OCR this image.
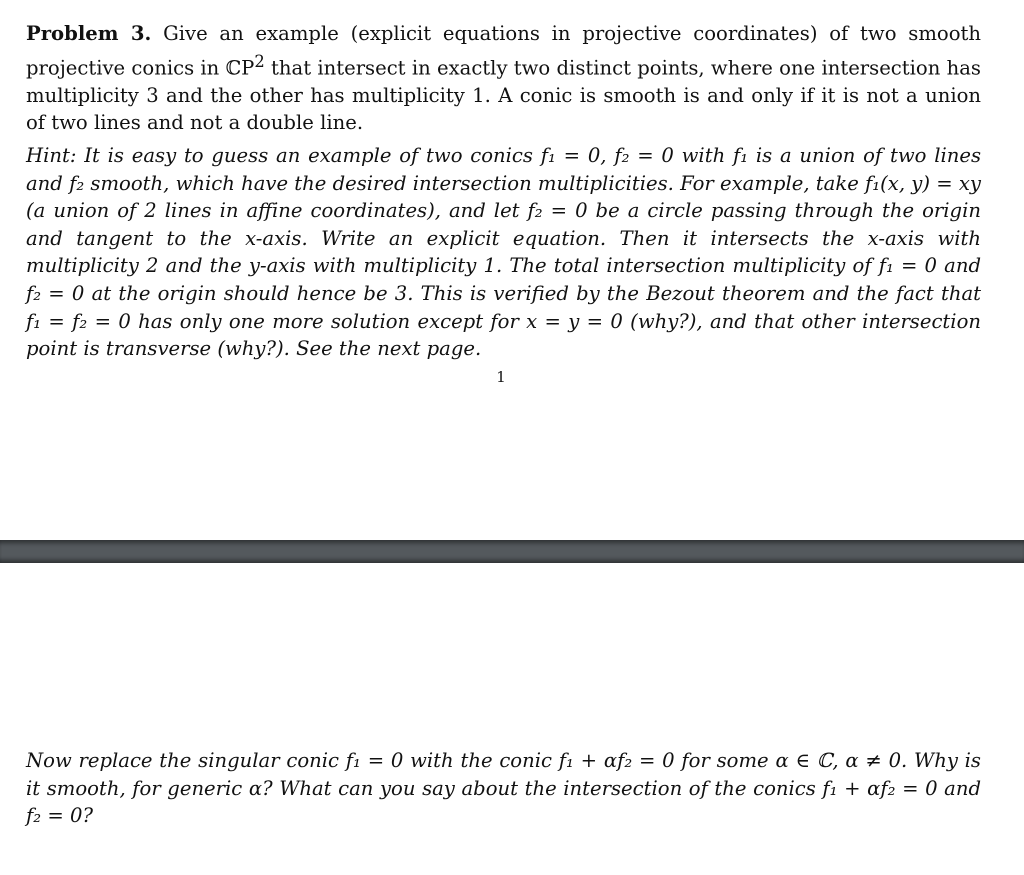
Problem 3. Give an example (explicit equations in projective coordinates) of two smooth projective conics in ℂP$^2$ that intersect in exactly two distinct points, where one intersection has multiplicity 3 and the other has multiplicity 1. A conic is smooth is and only if it is not a union of two lines and not a double line.

Hint: It is easy to guess an example of two conics f₁ = 0, f₂ = 0 with f₁ is a union of two lines and f₂ smooth, which have the desired intersection multiplicities. For example, take f₁(x, y) = xy (a union of 2 lines in affine coordinates), and let f₂ = 0 be a circle passing through the origin and tangent to the x-axis. Write an explicit equation. Then it intersects the x-axis with multiplicity 2 and the y-axis with multiplicity 1. The total intersection multiplicity of f₁ = 0 and f₂ = 0 at the origin should hence be 3. This is verified by the Bezout theorem and the fact that f₁ = f₂ = 0 has only one more solution except for x = y = 0 (why?), and that other intersection point is transverse (why?). See the next page.

1

Now replace the singular conic f₁ = 0 with the conic f₁ + αf₂ = 0 for some α ∈ ℂ, α ≠ 0. Why is it smooth, for generic α? What can you say about the intersection of the conics f₁ + αf₂ = 0 and f₂ = 0?
